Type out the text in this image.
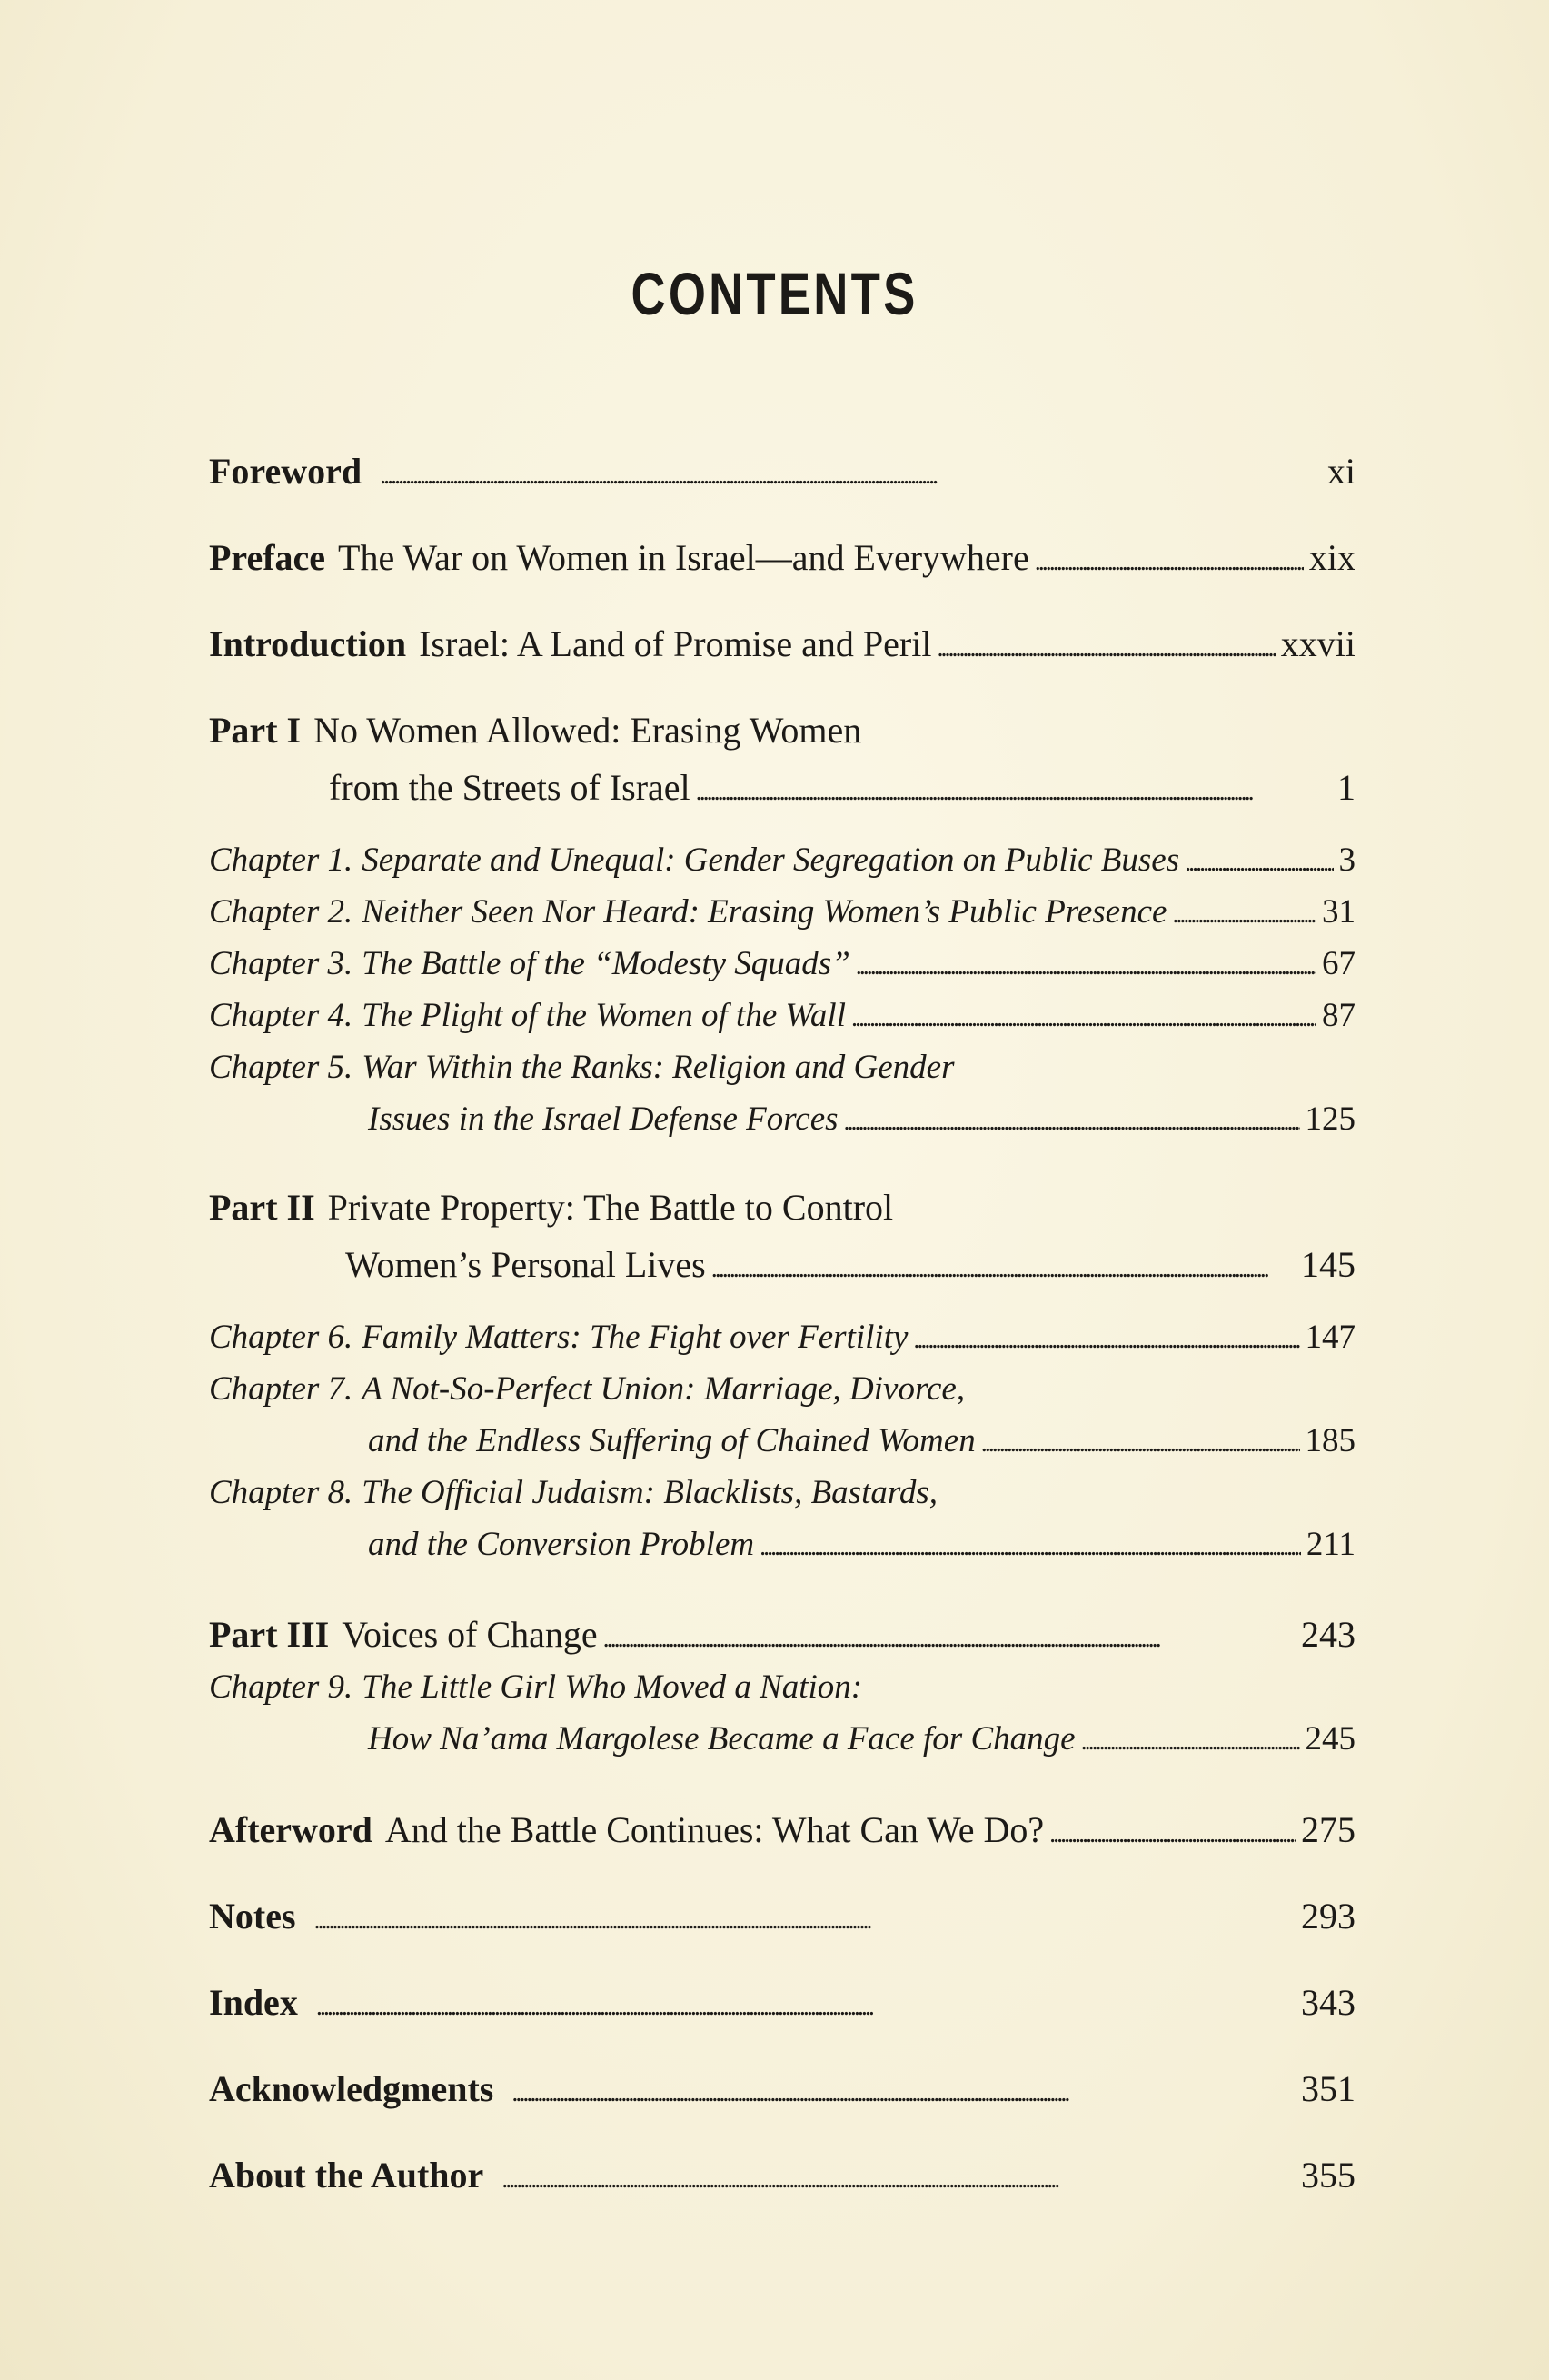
CONTENTS
Foreword . . .	xi
Preface The War on Women in Israel—and Everywhere . . .	xix
Introduction Israel: A Land of Promise and Peril . . .	xxvii
Part I No Women Allowed: Erasing Women
from the Streets of Israel . . .	1
Chapter 1. Separate and Unequal: Gender Segregation on Public Buses . . .	3
Chapter 2. Neither Seen Nor Heard: Erasing Women’s Public Presence . . .	31
Chapter 3. The Battle of the “Modesty Squads” . . .	67
Chapter 4. The Plight of the Women of the Wall . . .	87
Chapter 5. War Within the Ranks: Religion and Gender
Issues in the Israel Defense Forces . . .	125
Part II Private Property: The Battle to Control
Women’s Personal Lives . . .	145
Chapter 6. Family Matters: The Fight over Fertility . . .	147
Chapter 7. A Not-So-Perfect Union: Marriage, Divorce,
and the Endless Suffering of Chained Women . . .	185
Chapter 8. The Official Judaism: Blacklists, Bastards,
and the Conversion Problem . . .	211
Part III Voices of Change . . .	243
Chapter 9. The Little Girl Who Moved a Nation:
How Na’ama Margolese Became a Face for Change . . .	245
Afterword And the Battle Continues: What Can We Do? . . .	275
Notes . . .	293
Index . . .	343
Acknowledgments . . .	351
About the Author . . .	355
